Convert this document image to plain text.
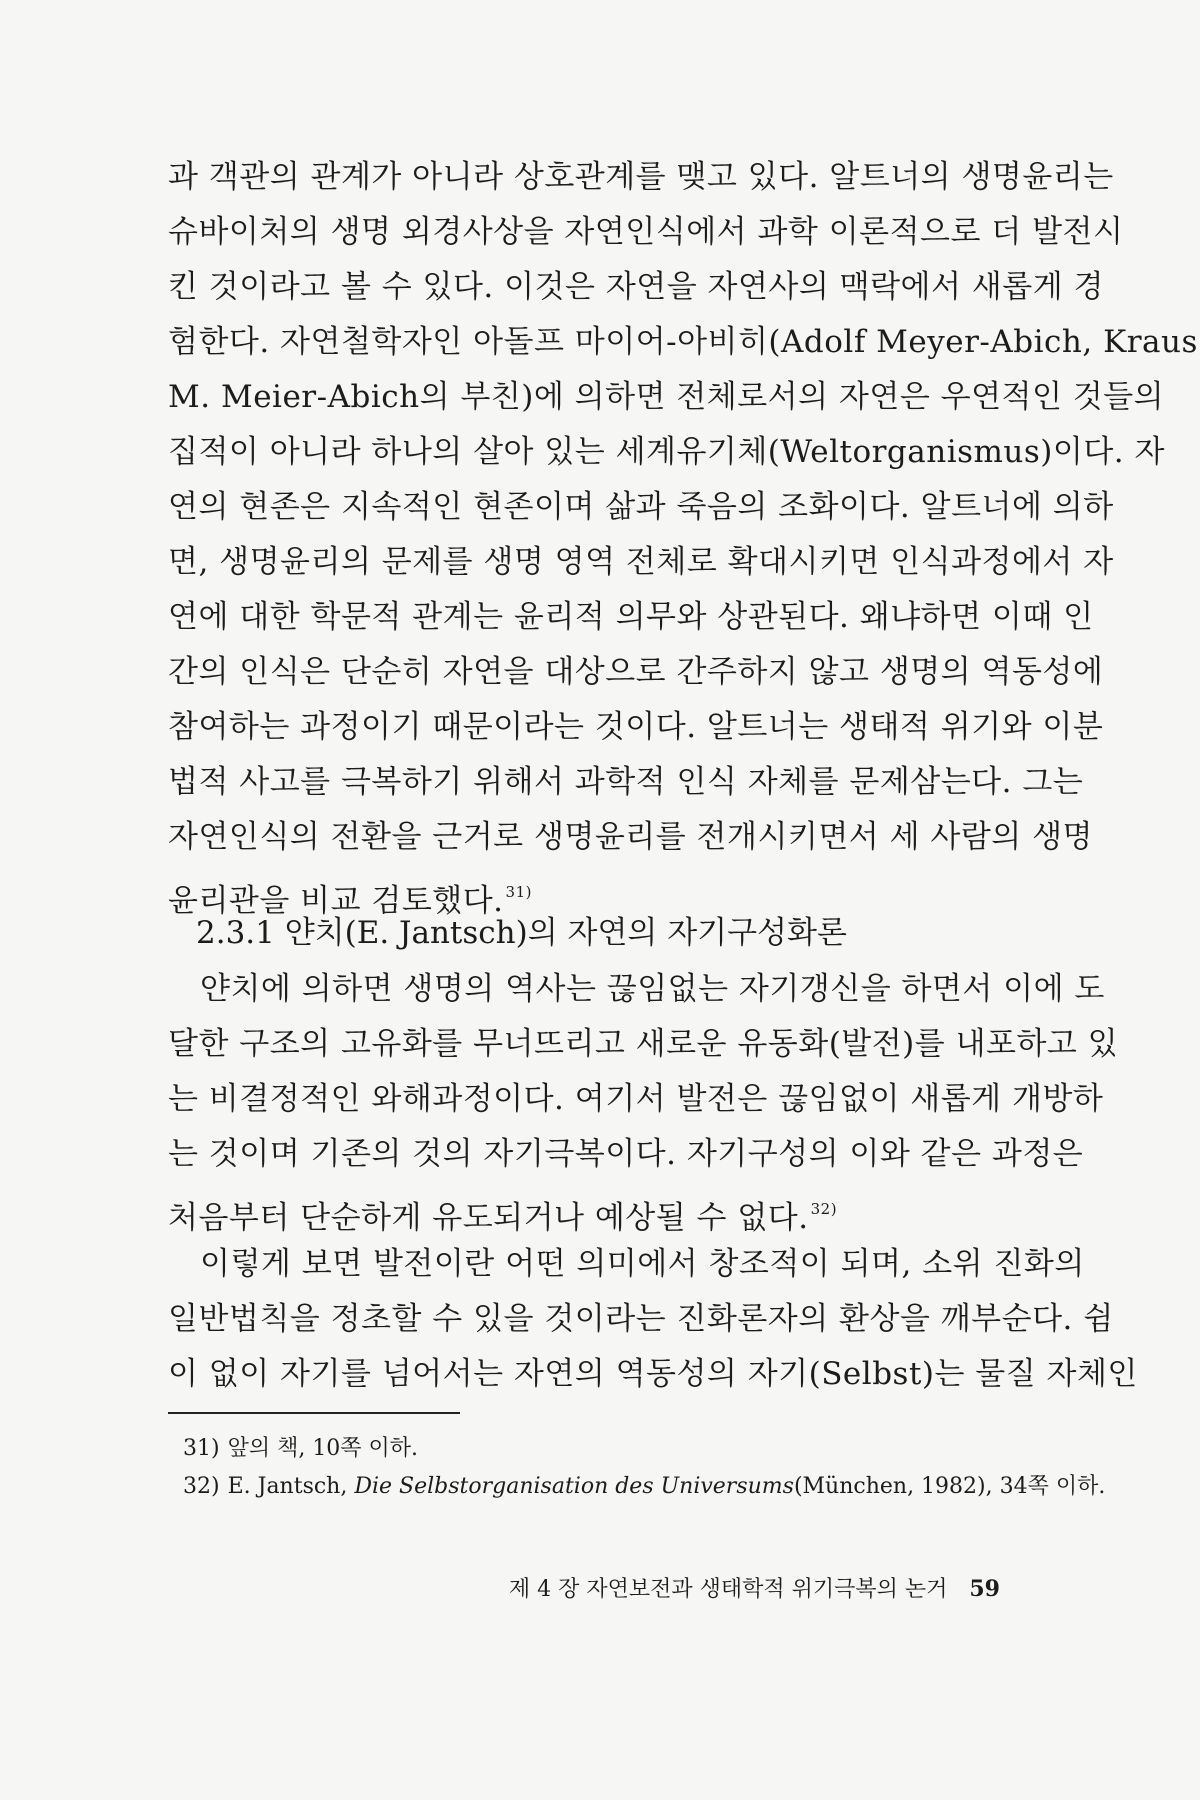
과 객관의 관계가 아니라 상호관계를 맺고 있다. 알트너의 생명윤리는
슈바이처의 생명 외경사상을 자연인식에서 과학 이론적으로 더 발전시
킨 것이라고 볼 수 있다. 이것은 자연을 자연사의 맥락에서 새롭게 경
험한다. 자연철학자인 아돌프 마이어-아비히(Adolf Meyer-Abich, Kraus
M. Meier-Abich의 부친)에 의하면 전체로서의 자연은 우연적인 것들의
집적이 아니라 하나의 살아 있는 세계유기체(Weltorganismus)이다. 자
연의 현존은 지속적인 현존이며 삶과 죽음의 조화이다. 알트너에 의하
면, 생명윤리의 문제를 생명 영역 전체로 확대시키면 인식과정에서 자
연에 대한 학문적 관계는 윤리적 의무와 상관된다. 왜냐하면 이때 인
간의 인식은 단순히 자연을 대상으로 간주하지 않고 생명의 역동성에
참여하는 과정이기 때문이라는 것이다. 알트너는 생태적 위기와 이분
법적 사고를 극복하기 위해서 과학적 인식 자체를 문제삼는다. 그는
자연인식의 전환을 근거로 생명윤리를 전개시키면서 세 사람의 생명
윤리관을 비교 검토했다. $^{31)}$
2.3.1 얀치(E. Jantsch)의 자연의 자기구성화론
얀치에 의하면 생명의 역사는 끊임없는 자기갱신을 하면서 이에 도
달한 구조의 고유화를 무너뜨리고 새로운 유동화(발전)를 내포하고 있
는 비결정적인 와해과정이다. 여기서 발전은 끊임없이 새롭게 개방하
는 것이며 기존의 것의 자기극복이다. 자기구성의 이와 같은 과정은
처음부터 단순하게 유도되거나 예상될 수 없다. $^{32)}$
이렇게 보면 발전이란 어떤 의미에서 창조적이 되며, 소위 진화의
일반법칙을 정초할 수 있을 것이라는 진화론자의 환상을 깨부순다. 쉼
이 없이 자기를 넘어서는 자연의 역동성의 자기(Selbst)는 물질 자체인
31) 앞의 책, 10쪽 이하.
32) E. Jantsch, Die Selbstorganisation des Universums(München, 1982), 34쪽 이하.
제 4 장 자연보전과 생태학적 위기극복의 논거 59
